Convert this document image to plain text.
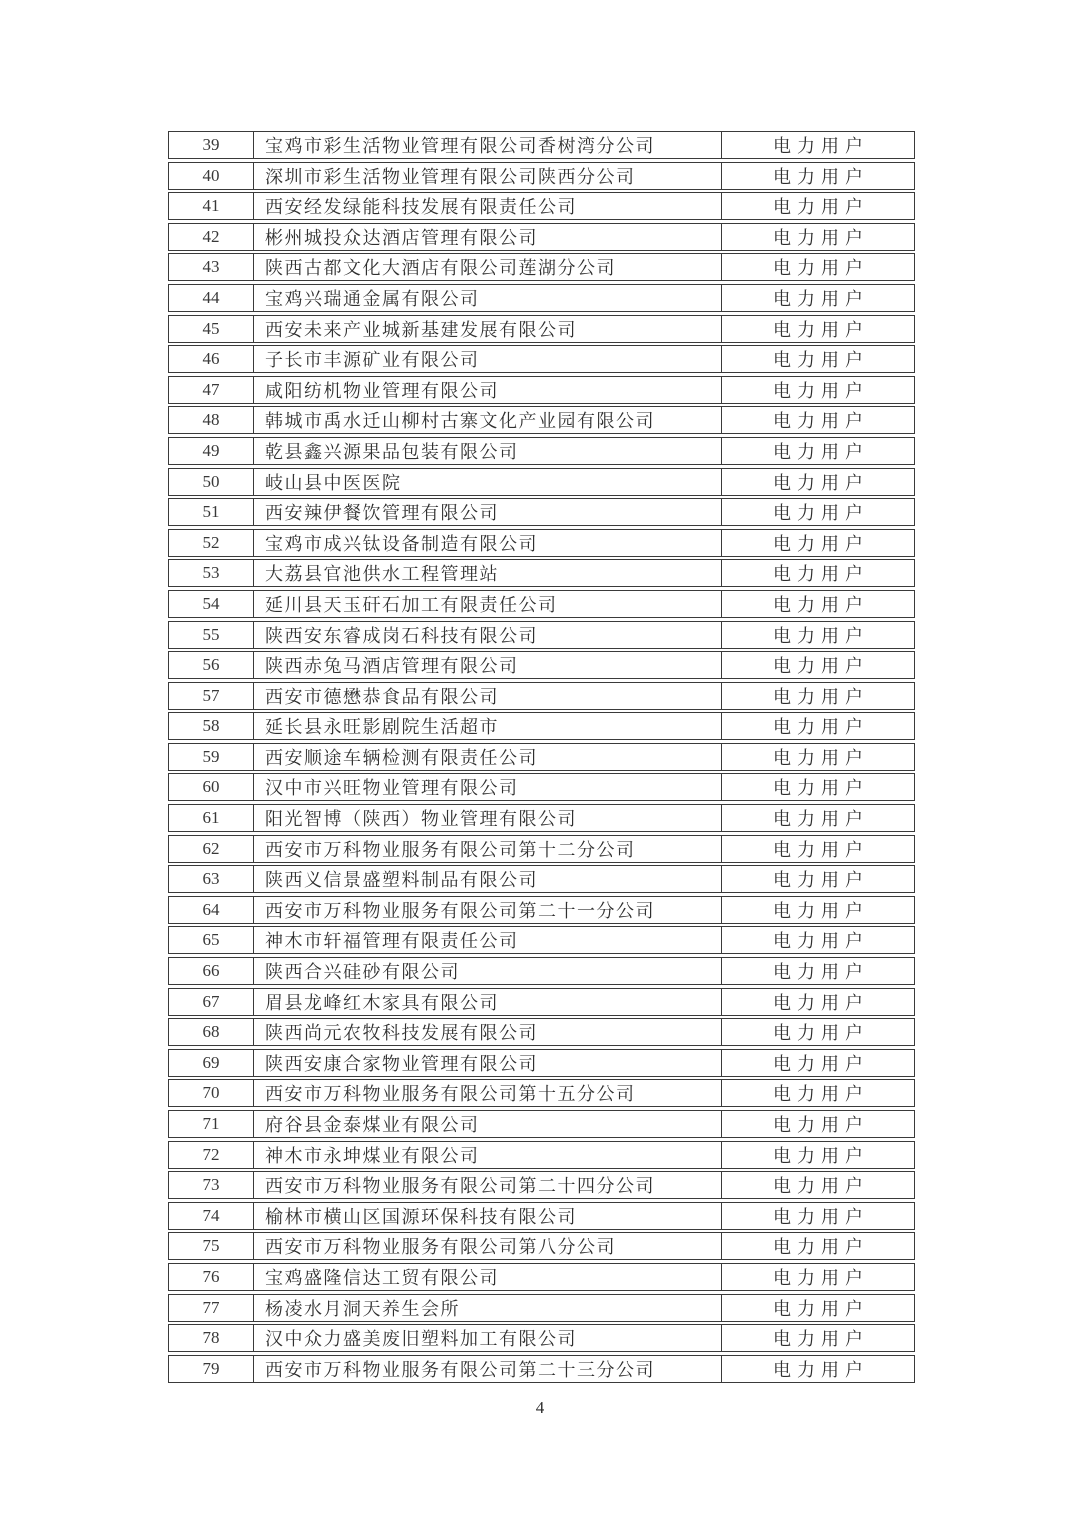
39	宝鸡市彩生活物业管理有限公司香树湾分公司	电力用户
40	深圳市彩生活物业管理有限公司陕西分公司	电力用户
41	西安经发绿能科技发展有限责任公司	电力用户
42	彬州城投众达酒店管理有限公司	电力用户
43	陕西古都文化大酒店有限公司莲湖分公司	电力用户
44	宝鸡兴瑞通金属有限公司	电力用户
45	西安未来产业城新基建发展有限公司	电力用户
46	子长市丰源矿业有限公司	电力用户
47	咸阳纺机物业管理有限公司	电力用户
48	韩城市禹水迁山柳村古寨文化产业园有限公司	电力用户
49	乾县鑫兴源果品包装有限公司	电力用户
50	岐山县中医医院	电力用户
51	西安辣伊餐饮管理有限公司	电力用户
52	宝鸡市成兴钛设备制造有限公司	电力用户
53	大荔县官池供水工程管理站	电力用户
54	延川县天玉矸石加工有限责任公司	电力用户
55	陕西安东睿成岗石科技有限公司	电力用户
56	陕西赤兔马酒店管理有限公司	电力用户
57	西安市德懋恭食品有限公司	电力用户
58	延长县永旺影剧院生活超市	电力用户
59	西安顺途车辆检测有限责任公司	电力用户
60	汉中市兴旺物业管理有限公司	电力用户
61	阳光智博（陕西）物业管理有限公司	电力用户
62	西安市万科物业服务有限公司第十二分公司	电力用户
63	陕西义信景盛塑料制品有限公司	电力用户
64	西安市万科物业服务有限公司第二十一分公司	电力用户
65	神木市轩福管理有限责任公司	电力用户
66	陕西合兴硅砂有限公司	电力用户
67	眉县龙峰红木家具有限公司	电力用户
68	陕西尚元农牧科技发展有限公司	电力用户
69	陕西安康合家物业管理有限公司	电力用户
70	西安市万科物业服务有限公司第十五分公司	电力用户
71	府谷县金泰煤业有限公司	电力用户
72	神木市永坤煤业有限公司	电力用户
73	西安市万科物业服务有限公司第二十四分公司	电力用户
74	榆林市横山区国源环保科技有限公司	电力用户
75	西安市万科物业服务有限公司第八分公司	电力用户
76	宝鸡盛隆信达工贸有限公司	电力用户
77	杨凌水月洞天养生会所	电力用户
78	汉中众力盛美废旧塑料加工有限公司	电力用户
79	西安市万科物业服务有限公司第二十三分公司	电力用户
4
